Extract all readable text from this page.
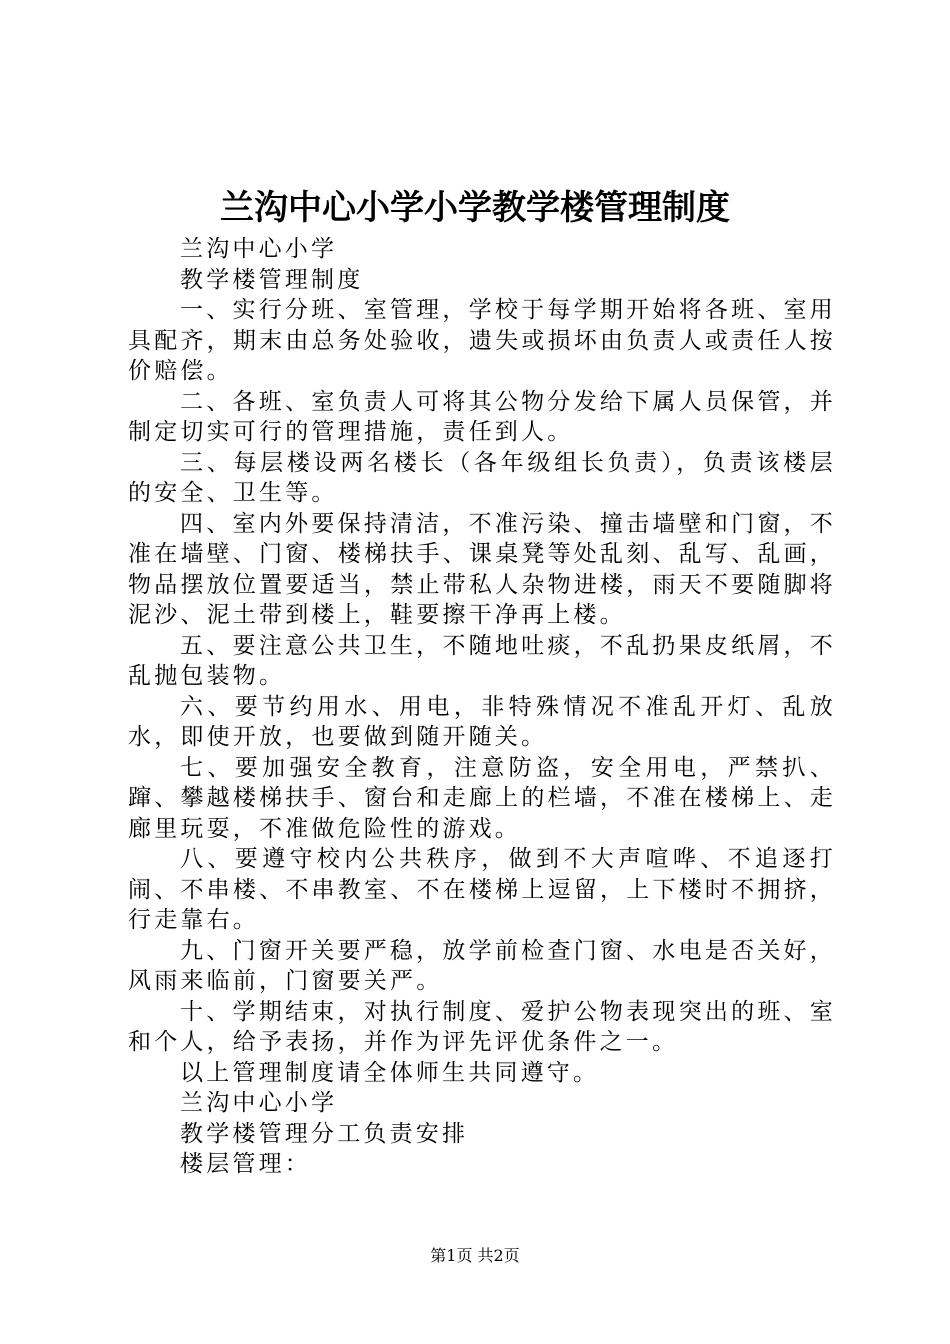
兰沟中心小学小学教学楼管理制度

兰沟中心小学

教学楼管理制度

一、实行分班、室管理，学校于每学期开始将各班、室用具配齐，期末由总务处验收，遗失或损坏由负责人或责任人按价赔偿。

二、各班、室负责人可将其公物分发给下属人员保管，并制定切实可行的管理措施，责任到人。

三、每层楼设两名楼长（各年级组长负责），负责该楼层的安全、卫生等。

四、室内外要保持清洁，不准污染、撞击墙壁和门窗，不准在墙壁、门窗、楼梯扶手、课桌凳等处乱刻、乱写、乱画，物品摆放位置要适当，禁止带私人杂物进楼，雨天不要随脚将泥沙、泥土带到楼上，鞋要擦干净再上楼。

五、要注意公共卫生，不随地吐痰，不乱扔果皮纸屑，不乱抛包装物。

六、要节约用水、用电，非特殊情况不准乱开灯、乱放水，即使开放，也要做到随开随关。

七、要加强安全教育，注意防盗，安全用电，严禁扒、蹿、攀越楼梯扶手、窗台和走廊上的栏墙，不准在楼梯上、走廊里玩耍，不准做危险性的游戏。

八、要遵守校内公共秩序，做到不大声喧哗、不追逐打闹、不串楼、不串教室、不在楼梯上逗留，上下楼时不拥挤，行走靠右。

九、门窗开关要严稳，放学前检查门窗、水电是否关好，风雨来临前，门窗要关严。

十、学期结束，对执行制度、爱护公物表现突出的班、室和个人，给予表扬，并作为评先评优条件之一。

以上管理制度请全体师生共同遵守。

兰沟中心小学

教学楼管理分工负责安排

楼层管理：

第1页 共2页
